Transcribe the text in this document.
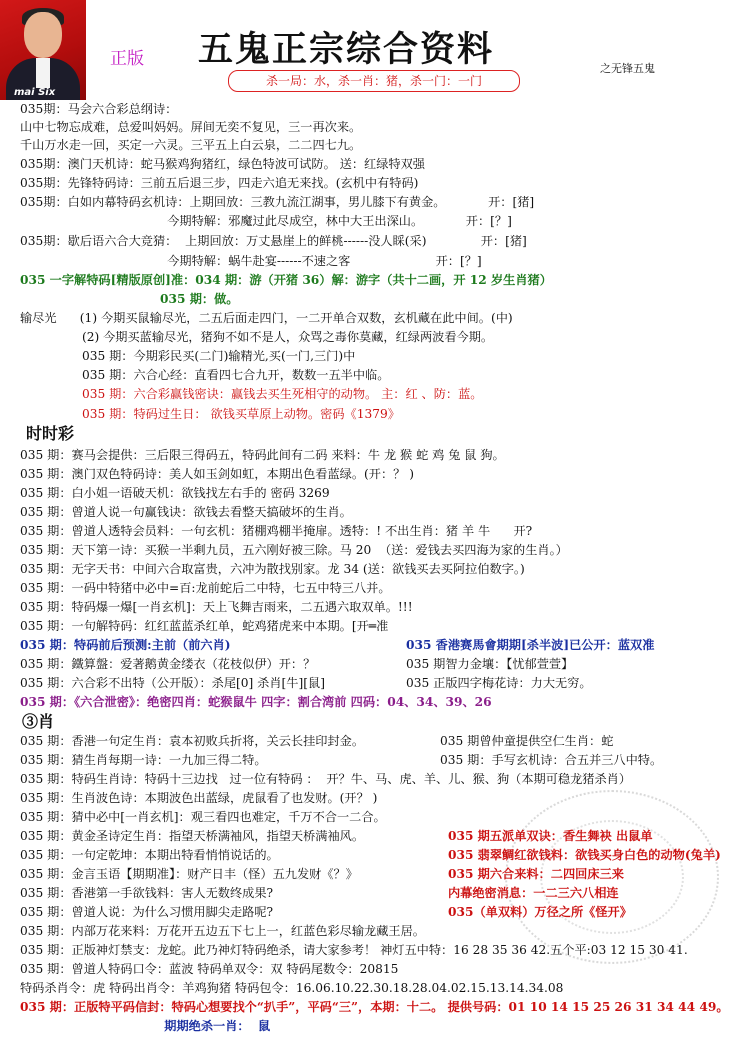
mai Six
正版 五鬼正宗综合资料	之无锋五鬼
杀一局：水，杀一肖：猪，杀一门：一门
时时彩
③肖
035期：马会六合彩总纲诗：
山中七物忘成难，总爱叫妈妈。屏间无奕不复见，三一再次来。
千山万水走一回，买定一六灵。三平五上白云泉，二二四七九。
035期：澳门天机诗：蛇马猴鸡狗猪红，绿色特波可试防。 送：红绿特双强
035期：先锋特码诗：三前五后退三步，四走六追无来找。(玄机中有特码)
035期：白如内幕特码玄机诗：上期回放：三教九流江湖事，男儿膝下有黄金。           开：[猪]
今期特解：邪魔过此尽成空，林中大王出深山。           开：[？]
035期：歇后语六合大竞猜：  上期回放：万丈悬崖上的鲜桃------没人睬(采)              开：[猪]
今期特解：蜗牛赴宴------不速之客                      开：[？]
035 一字解特码[精版原创]准：034 期：游（开猪 36）解：游字（共十二画，开 12 岁生肖猪）
035 期：做。
输尽光      (1) 今期买鼠输尽光，二五后面走四门，一二开单合双数，玄机藏在此中间。(中)
(2) 今期买蓝输尽光，猪狗不如不是人，众骂之毒你莫藏，红绿两波看今期。
035 期：今期彩民买(二门)输精光,买(一门,三门)中
035 期：六合心经：直看四七合九开，数数一五半中临。
035 期：六合彩赢钱密诀：赢钱去买生死相守的动物。 主：红 、防：蓝。
035 期：特码过生日： 欲钱买草原上动物。密码《1379》
035 期：赛马会提供：三后限三得码五，特码此间有二码 来料：牛 龙 猴 蛇 鸡 兔 鼠 狗。
035 期：澳门双色特码诗：美人如玉剑如虹，本期出色看蓝绿。(开：？ )
035 期：白小姐一语破天机：欲钱找左右手的 密码 3269
035 期：曾道人说一句赢钱诀：欲钱去看整天搞破坏的生肖。
035 期：曾道人透特会员料：一句玄机：猪棚鸡棚半掩扉。透特：! 不出生肖：猪 羊 牛      开?
035 期：天下第一诗：买猴一半剩九员，五六刚好被三除。马 20  （送：爱钱去买四海为家的生肖。）
035 期：无字天书：中间六合取富贵，六冲为散找别家。龙 34 (送：欲钱买去买阿拉伯数字。)
035 期：一码中特猪中必中=百:龙前蛇后二中特，七五中特三八并。
035 期：特码爆一爆[一肖玄机]：天上飞舞吉雨来，二五遇六取双单。!!!
035 期：一句解特码：红红蓝蓝杀红单，蛇鸡猪虎来中本期。[开═准
035 期：特码前后预测:主前（前六肖)
035 期：鐵算盤：爱著鹅黄金缕衣（花枝似伊）开：？
035 期：六合彩不出特（公开版）：杀尾[0] 杀肖[牛][鼠]
035 期：《六合泄密》：绝密四肖：蛇猴鼠牛 四字：割合湾前 四码：04、34、39、26
035 期：香港一句定生肖：袁本初败兵折将，关云长挂印封金。
035 期：猜生肖每期一诗：一九加三得二特。
035 期：特码生肖诗：特码十三边找   过一位有特码 ：  开？牛、马、虎、羊、儿、猴、狗（本期可稳龙猪杀肖）
035 期：生肖波色诗：本期波色出蓝绿，虎鼠看了也发财。(开？ )
035 期：猜中必中[一肖玄机]：观三看四也难定，千万不合一二合。
035 期：黄金圣诗定生肖：指望天桥满袖风，指望天桥满袖风。
035 期：一句定乾坤：本期出特看悄悄说话的。
035 期：金言玉语【期期准】：财产日丰（怪）五九发财《？》
035 期：香港第一手欲钱料：害人无数终成果?
035 期：曾道人说：为什么习惯用脚尖走路呢?
035 期：内部万花来料：万花开五边五下七上一，红蓝色彩尽输龙藏王居。
035 期：正版神灯禁支：龙蛇。此乃神灯特码绝杀，请大家参考！ 神灯五中特：16 28 35 36 42.五个平:03 12 15 30 41.
035 期：曾道人特码口令：蓝波 特码单双令：双 特码尾数令：20815
特码杀肖令：虎 特码出肖令：羊鸡狗猪 特码包令：16.06.10.22.30.18.28.04.02.15.13.14.34.08
035 期：正版特平码信封：特码心想要找个“扒手”，平码“三”，本期：十二。 提供号码：01 10 14 15 25 26 31 34 44 49。
期期绝杀一肖：  鼠
035 香港赛馬會期期[杀半波]已公开：蓝双准
035 期智力金壤：【忧郁萱萱】
035 正版四字梅花诗：力大无穷。
035 期曾仲童提供空仁生肖：蛇
035 期：手写玄机诗：合五并三八中特。
035 期五派单双诀：香生舞袂 出鼠单
035 翡翠鲷红欲钱料：欲钱买身白色的动物(兔羊)
035 期六合来料：二四回床三来
内幕绝密消息：一二三六八相连
035（单双料）万径之所《怪开》
